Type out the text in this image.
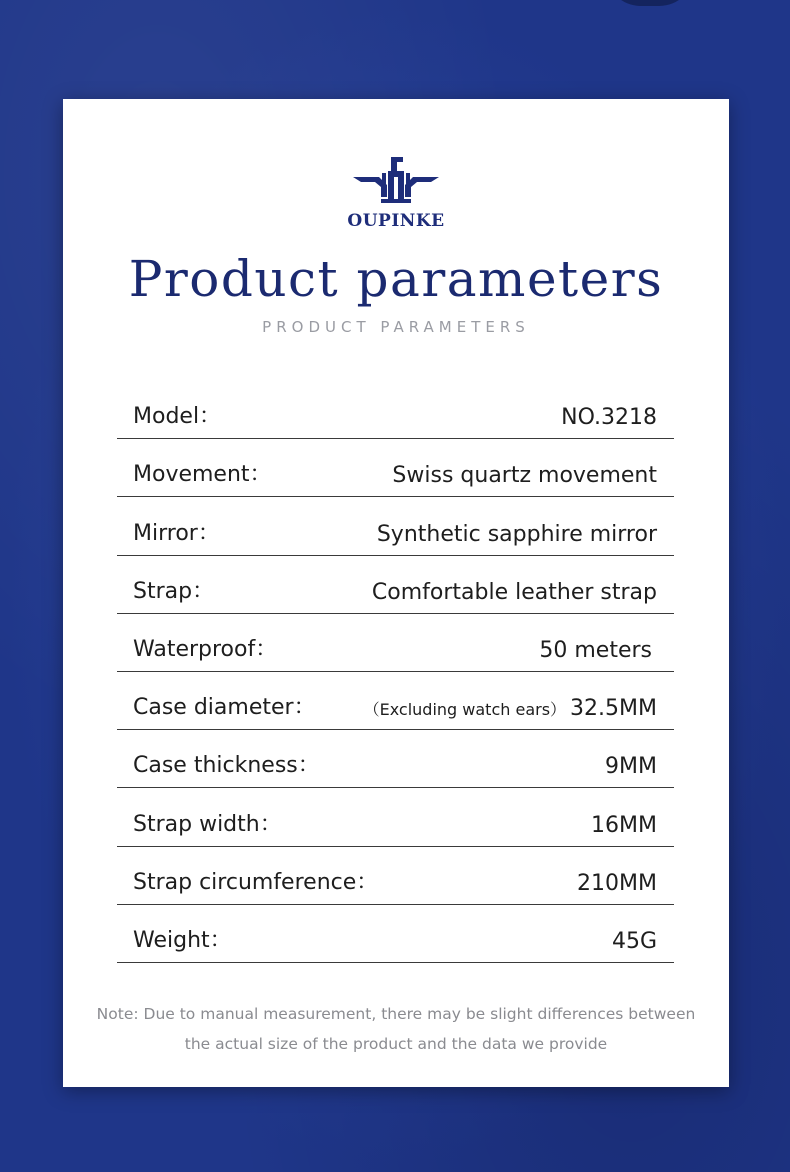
OUPINKE
Product parameters
PRODUCT PARAMETERS
Model：	NO.3218
Movement：	Swiss quartz movement
Mirror：	Synthetic sapphire mirror
Strap：	Comfortable leather strap
Waterproof：	50 meters
Case diameter：	（Excluding watch ears） 32.5MM
Case thickness：	9MM
Strap width：	16MM
Strap circumference：	210MM
Weight：	45G
Note: Due to manual measurement, there may be slight differences between
the actual size of the product and the data we provide
